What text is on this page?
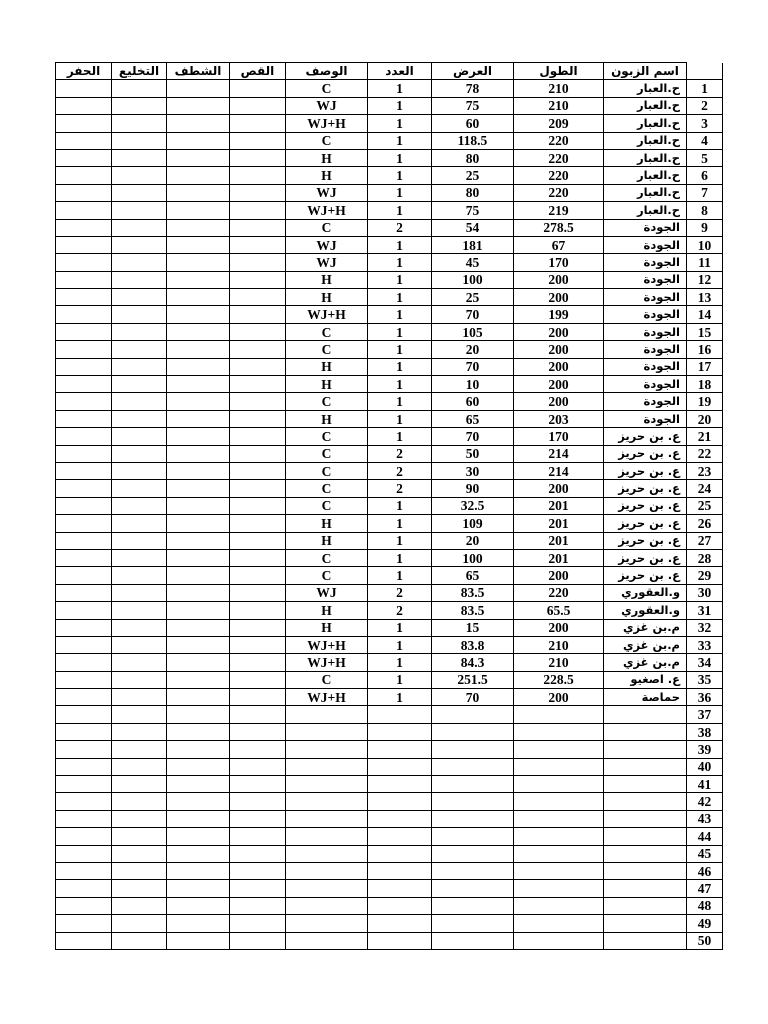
	اسم الزبون	الطول	العرض	العدد	الوصف	القص	الشطف	التخليع	الحفر
1	ح.العبار	210	78	1	C				
2	ح.العبار	210	75	1	WJ				
3	ح.العبار	209	60	1	WJ+H				
4	ح.العبار	220	118.5	1	C				
5	ح.العبار	220	80	1	H				
6	ح.العبار	220	25	1	H				
7	ح.العبار	220	80	1	WJ				
8	ح.العبار	219	75	1	WJ+H				
9	الجودة	278.5	54	2	C				
10	الجودة	67	181	1	WJ				
11	الجودة	170	45	1	WJ				
12	الجودة	200	100	1	H				
13	الجودة	200	25	1	H				
14	الجودة	199	70	1	WJ+H				
15	الجودة	200	105	1	C				
16	الجودة	200	20	1	C				
17	الجودة	200	70	1	H				
18	الجودة	200	10	1	H				
19	الجودة	200	60	1	C				
20	الجودة	203	65	1	H				
21	ع. بن حريز	170	70	1	C				
22	ع. بن حريز	214	50	2	C				
23	ع. بن حريز	214	30	2	C				
24	ع. بن حريز	200	90	2	C				
25	ع. بن حريز	201	32.5	1	C				
26	ع. بن حريز	201	109	1	H				
27	ع. بن حريز	201	20	1	H				
28	ع. بن حريز	201	100	1	C				
29	ع. بن حريز	200	65	1	C				
30	و.العقوري	220	83.5	2	WJ				
31	و.العقوري	65.5	83.5	2	H				
32	م.بن غزي	200	15	1	H				
33	م.بن غزي	210	83.8	1	WJ+H				
34	م.بن غزي	210	84.3	1	WJ+H				
35	ع. اصغيو	228.5	251.5	1	C				
36	حماصة	200	70	1	WJ+H				
37									
38									
39									
40									
41									
42									
43									
44									
45									
46									
47									
48									
49									
50									
